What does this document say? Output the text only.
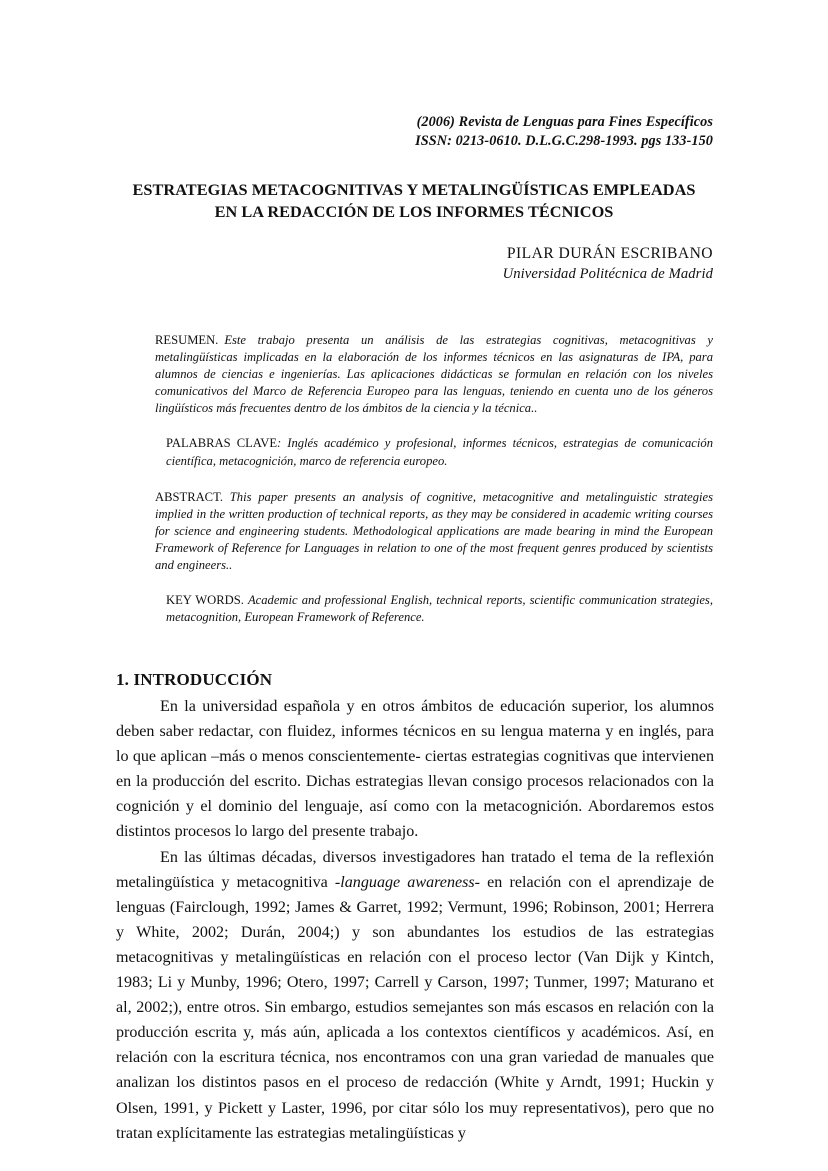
(2006) Revista de Lenguas para Fines Específicos
ISSN: 0213-0610. D.L.G.C.298-1993. pgs 133-150
ESTRATEGIAS METACOGNITIVAS Y METALINGÜÍSTICAS EMPLEADAS
EN LA REDACCIÓN DE LOS INFORMES TÉCNICOS
PILAR DURÁN ESCRIBANO
Universidad Politécnica de Madrid

RESUMEN. Este trabajo presenta un análisis de las estrategias cognitivas, metacognitivas y metalingüísticas implicadas en la elaboración de los informes técnicos en las asignaturas de IPA, para alumnos de ciencias e ingenierías. Las aplicaciones didácticas se formulan en relación con los niveles comunicativos del Marco de Referencia Europeo para las lenguas, teniendo en cuenta uno de los géneros lingüísticos más frecuentes dentro de los ámbitos de la ciencia y la técnica..

PALABRAS CLAVE: Inglés académico y profesional, informes técnicos, estrategias de comunicación científica, metacognición, marco de referencia europeo.

ABSTRACT. This paper presents an analysis of cognitive, metacognitive and metalinguistic strategies implied in the written production of technical reports, as they may be considered in academic writing courses for science and engineering students. Methodological applications are made bearing in mind the European Framework of Reference for Languages in relation to one of the most frequent genres produced by scientists and engineers..

KEY WORDS. Academic and professional English, technical reports, scientific communication strategies, metacognition, European Framework of Reference.

1. INTRODUCCIÓN

En la universidad española y en otros ámbitos de educación superior, los alumnos deben saber redactar, con fluidez, informes técnicos en su lengua materna y en inglés, para lo que aplican –más o menos conscientemente- ciertas estrategias cognitivas que intervienen en la producción del escrito. Dichas estrategias llevan consigo procesos relacionados con la cognición y el dominio del lenguaje, así como con la metacognición. Abordaremos estos distintos procesos lo largo del presente trabajo.

En las últimas décadas, diversos investigadores han tratado el tema de la reflexión metalingüística y metacognitiva -language awareness- en relación con el aprendizaje de lenguas (Fairclough, 1992; James & Garret, 1992; Vermunt, 1996; Robinson, 2001; Herrera y White, 2002; Durán, 2004;) y son abundantes los estudios de las estrategias metacognitivas y metalingüísticas en relación con el proceso lector (Van Dijk y Kintch, 1983; Li y Munby, 1996; Otero, 1997; Carrell y Carson, 1997; Tunmer, 1997; Maturano et al, 2002;), entre otros. Sin embargo, estudios semejantes son más escasos en relación con la producción escrita y, más aún, aplicada a los contextos científicos y académicos. Así, en relación con la escritura técnica, nos encontramos con una gran variedad de manuales que analizan los distintos pasos en el proceso de redacción (White y Arndt, 1991; Huckin y Olsen, 1991, y Pickett y Laster, 1996, por citar sólo los muy representativos), pero que no tratan explícitamente las estrategias metalingüísticas y
